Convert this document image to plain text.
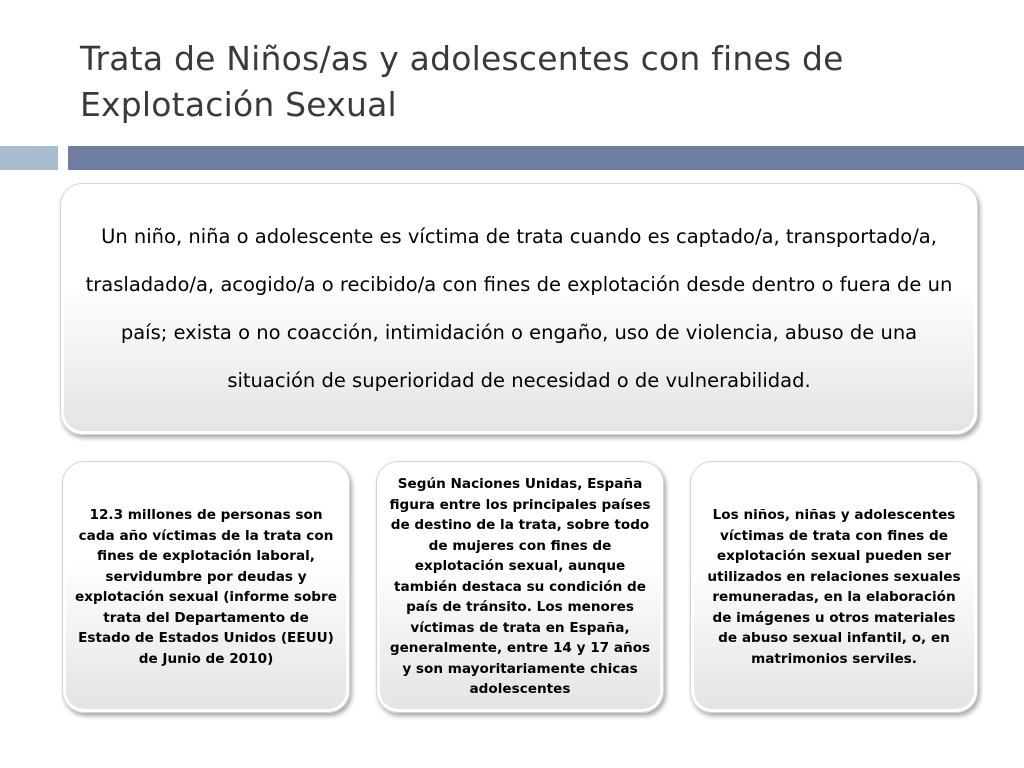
Trata de Niños/as y adolescentes con fines de
Explotación Sexual
Un niño, niña o adolescente es víctima de trata cuando es captado/a, transportado/a, trasladado/a, acogido/a o recibido/a con fines de explotación desde dentro o fuera de un país; exista o no coacción, intimidación o engaño, uso de violencia, abuso de una situación de superioridad de necesidad o de vulnerabilidad.
12.3 millones de personas son cada año víctimas de la trata con fines de explotación laboral, servidumbre por deudas y explotación sexual (informe sobre trata del Departamento de Estado de Estados Unidos (EEUU) de Junio de 2010)
Según Naciones Unidas, España figura entre los principales países de destino de la trata, sobre todo de mujeres con fines de explotación sexual, aunque también destaca su condición de país de tránsito. Los menores víctimas de trata en España, generalmente, entre 14 y 17 años y son mayoritariamente chicas adolescentes
Los niños, niñas y adolescentes víctimas de trata con fines de explotación sexual pueden ser utilizados en relaciones sexuales remuneradas, en la elaboración de imágenes u otros materiales de abuso sexual infantil, o, en matrimonios serviles.
